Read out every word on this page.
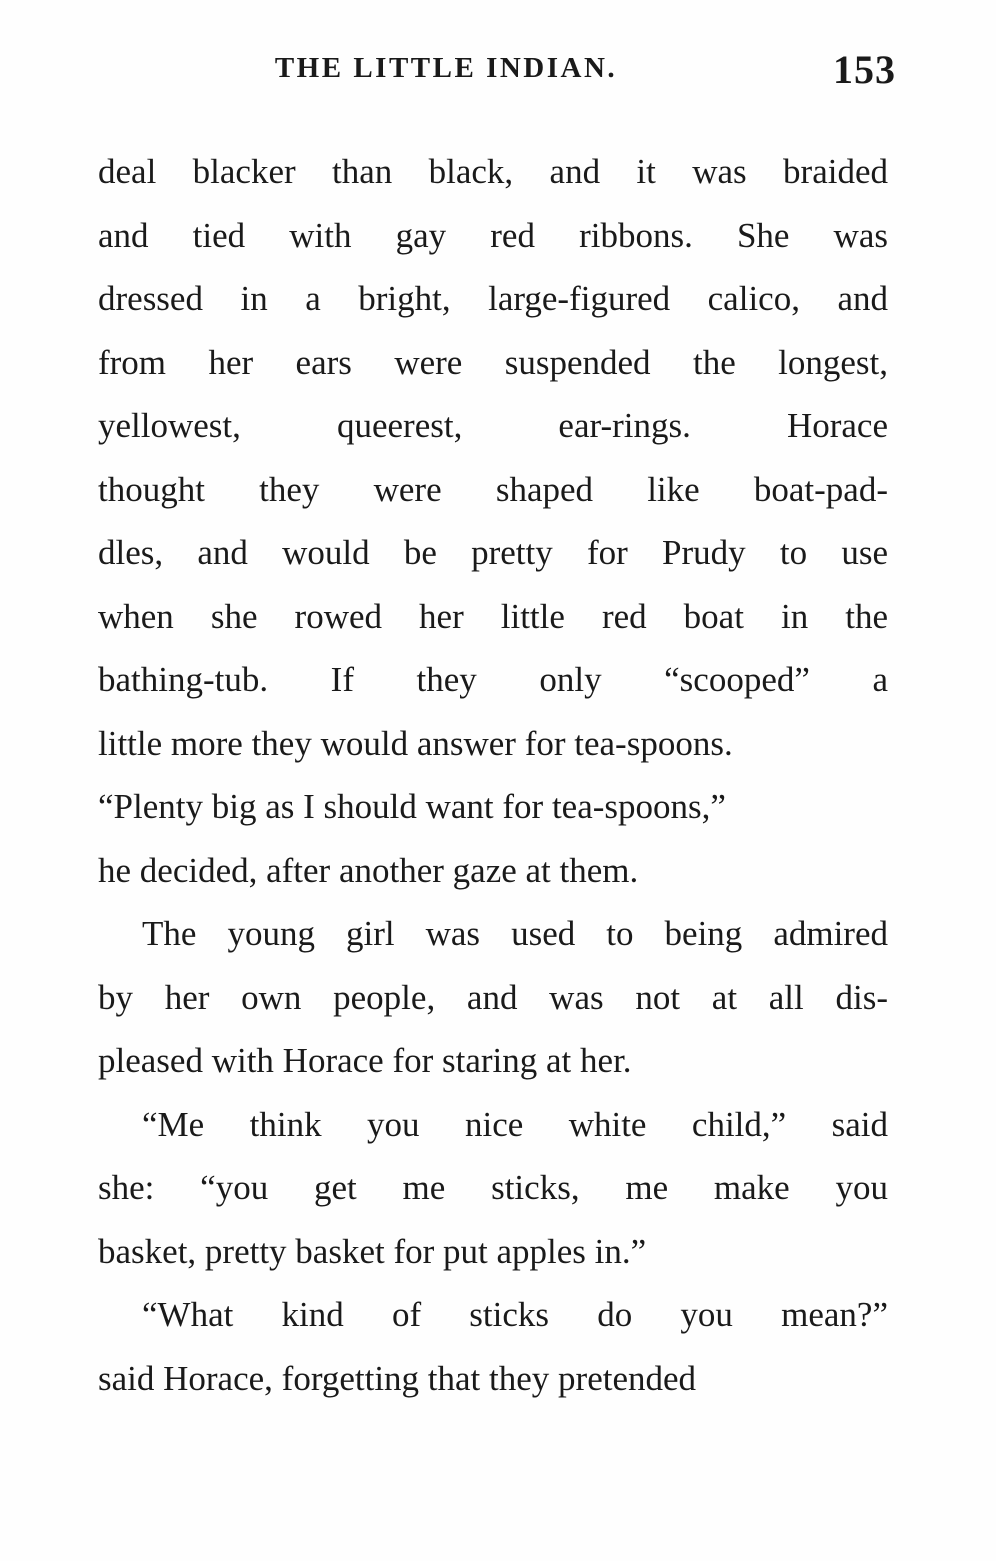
THE LITTLE INDIAN.	153

deal blacker than black, and it was braided
and tied with gay red ribbons. She was
dressed in a bright, large-figured calico, and
from her ears were suspended the longest,
yellowest, queerest, ear-rings. Horace
thought they were shaped like boat-pad-
dles, and would be pretty for Prudy to use
when she rowed her little red boat in the
bathing-tub. If they only “scooped” a
little more they would answer for tea-spoons.
“Plenty big as I should want for tea-spoons,”
he decided, after another gaze at them.

The young girl was used to being admired
by her own people, and was not at all dis-
pleased with Horace for staring at her.

“Me think you nice white child,” said
she: “you get me sticks, me make you
basket, pretty basket for put apples in.”

“What kind of sticks do you mean?”
said Horace, forgetting that they pretended
